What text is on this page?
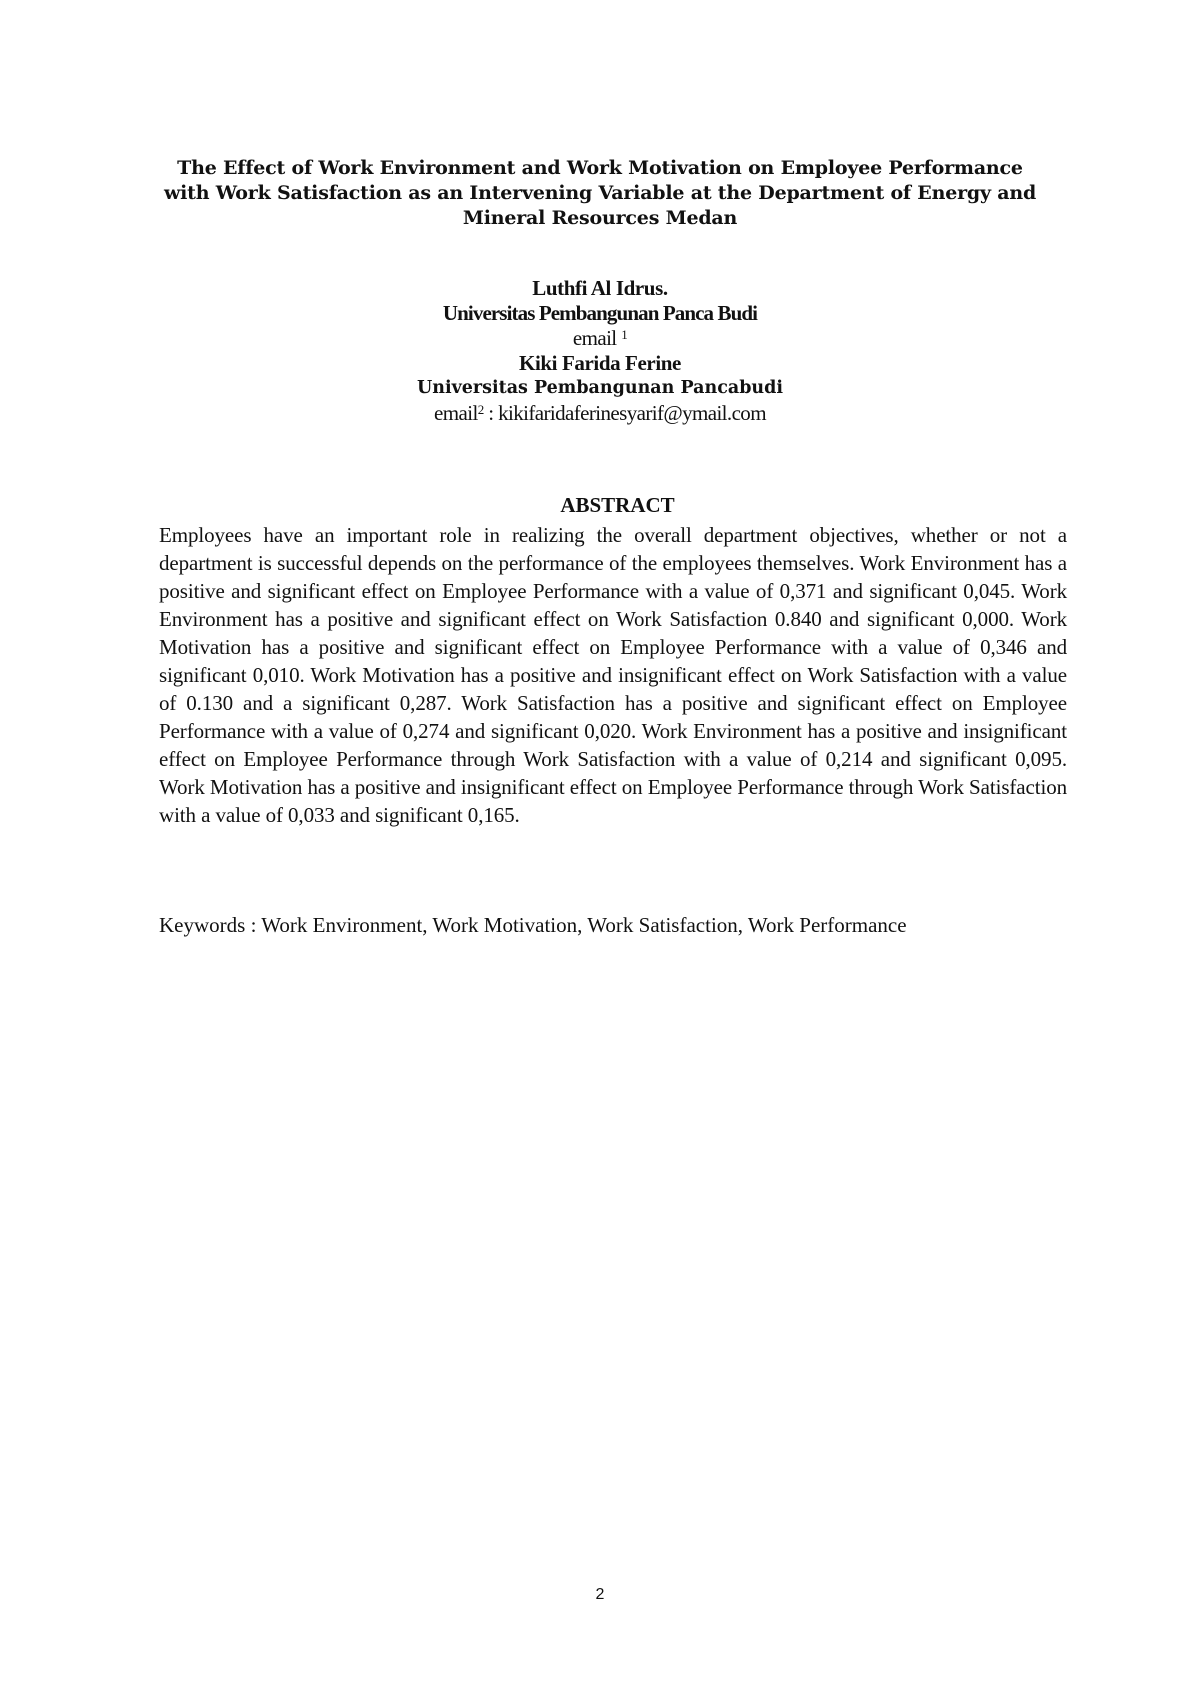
The Effect of Work Environment and Work Motivation on Employee Performance
with Work Satisfaction as an Intervening Variable at the Department of Energy and
Mineral Resources Medan
Luthfi Al Idrus.
Universitas Pembangunan Panca Budi
email $^1$
Kiki Farida Ferine
Universitas Pembangunan Pancabudi
email$^2$ : kikifaridaferinesyarif@ymail.com
ABSTRACT
Employees have an important role in realizing the overall department objectives, whether or not a department is successful depends on the performance of the employees themselves. Work Environment has a positive and significant effect on Employee Performance with a value of 0,371 and significant 0,045. Work Environment has a positive and significant effect on Work Satisfaction 0.840 and significant 0,000. Work Motivation has a positive and significant effect on Employee Performance with a value of 0,346 and significant 0,010. Work Motivation has a positive and insignificant effect on Work Satisfaction with a value of 0.130 and a significant 0,287. Work Satisfaction has a positive and significant effect on Employee Performance with a value of 0,274 and significant 0,020. Work Environment has a positive and insignificant effect on Employee Performance through Work Satisfaction with a value of 0,214 and significant 0,095. Work Motivation has a positive and insignificant effect on Employee Performance through Work Satisfaction with a value of 0,033 and significant 0,165.
Keywords : Work Environment, Work Motivation, Work Satisfaction, Work Performance
2
